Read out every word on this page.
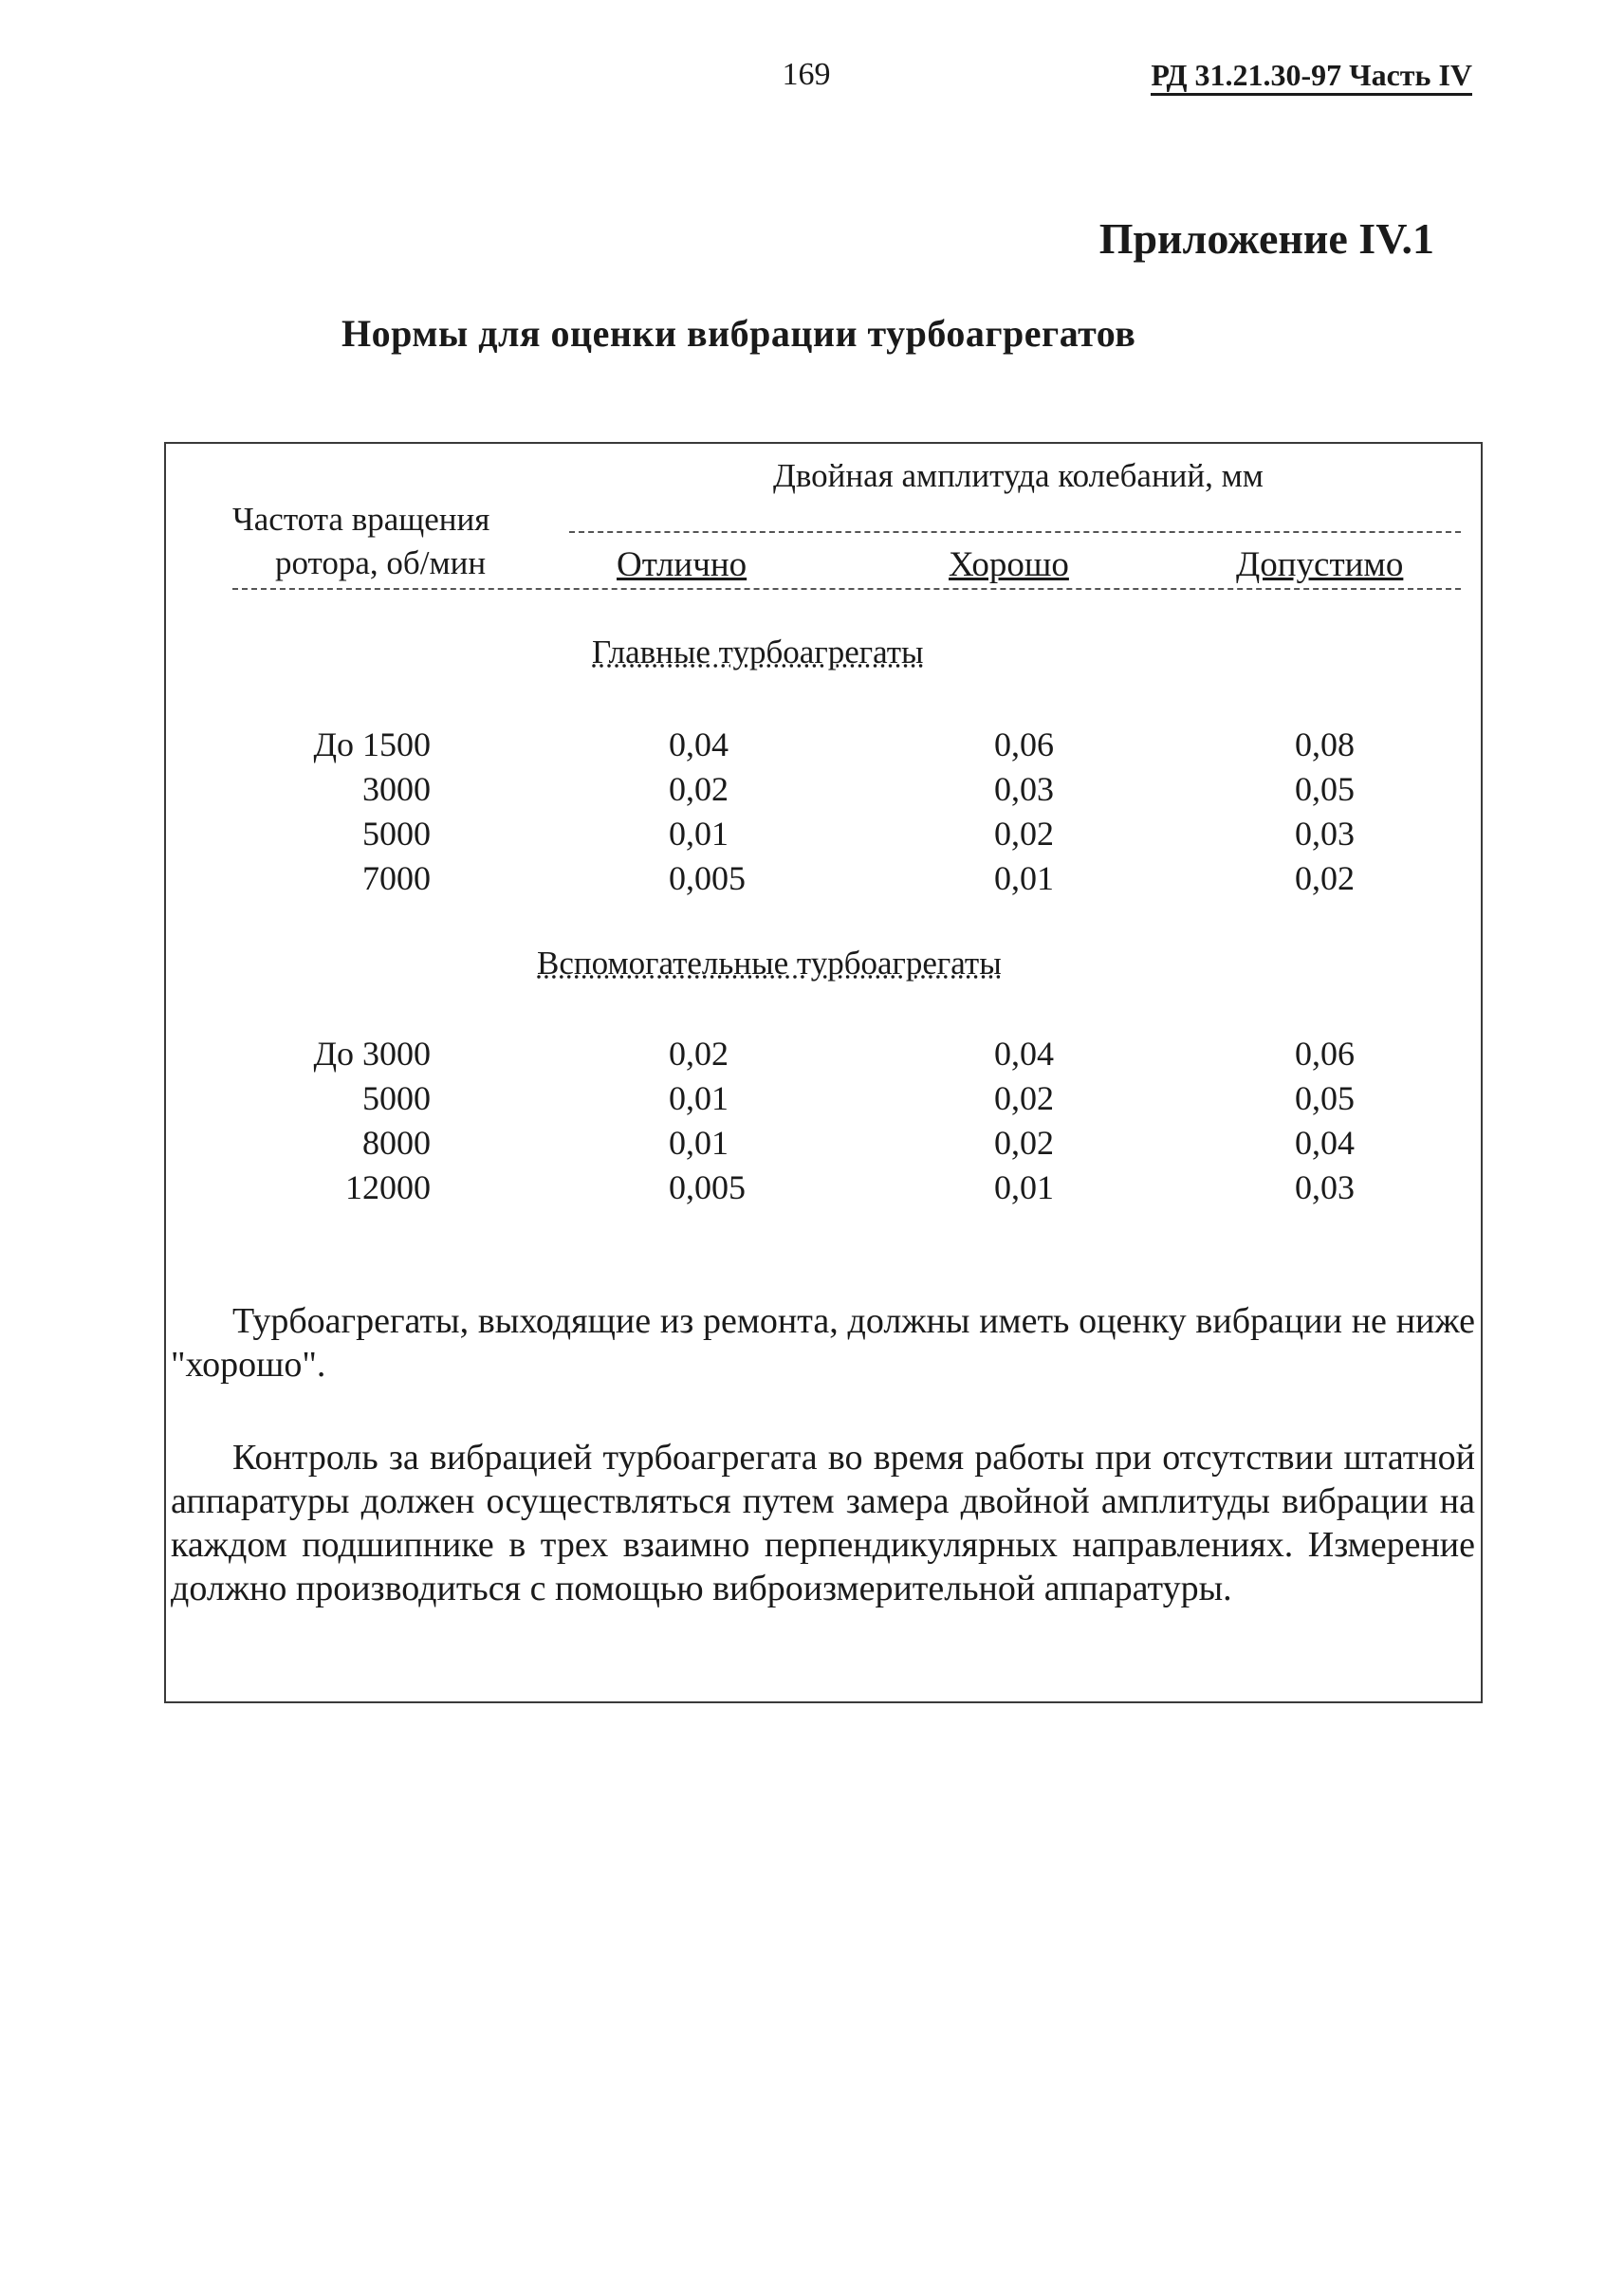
169	РД 31.21.30-97 Часть IV
Приложение IV.1
Нормы для оценки вибрации турбоагрегатов
Двойная амплитуда колебаний, мм
Частота вращения
ротора, об/мин	Отлично	Хорошо	Допустимо
Главные турбоагрегаты
До 1500	0,04	0,06	0,08
3000	0,02	0,03	0,05
5000	0,01	0,02	0,03
7000	0,005	0,01	0,02
Вспомогательные турбоагрегаты
До 3000	0,02	0,04	0,06
5000	0,01	0,02	0,05
8000	0,01	0,02	0,04
12000	0,005	0,01	0,03
Турбоагрегаты, выходящие из ремонта, должны иметь оценку вибрации не ниже "хорошо".
Контроль за вибрацией турбоагрегата во время работы при отсутствии штатной аппаратуры должен осуществляться путем замера двойной амплитуды вибрации на каждом подшипнике в трех взаимно перпендикулярных направлениях. Измерение должно производиться с помощью виброизмерительной аппаратуры.
